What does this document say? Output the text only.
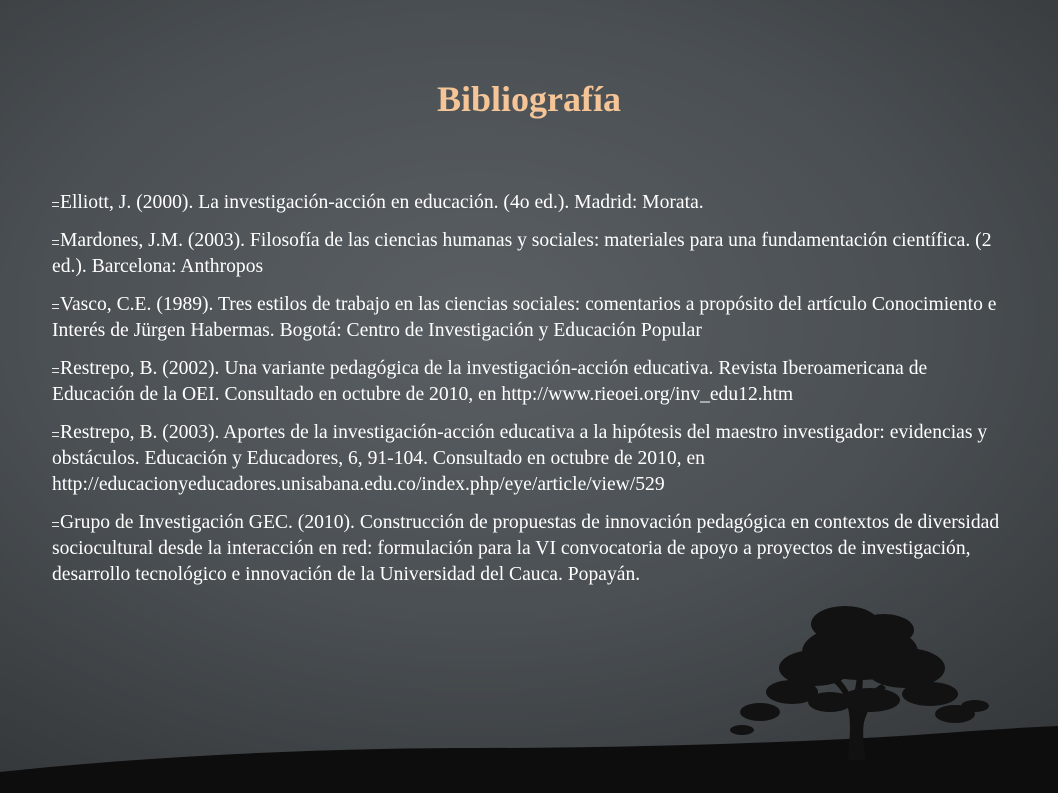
Bibliografía
Elliott, J. (2000). La investigación-acción en educación. (4o ed.). Madrid: Morata.
Mardones, J.M. (2003). Filosofía de las ciencias humanas y sociales: materiales para una fundamentación científica. (2 ed.). Barcelona: Anthropos
Vasco, C.E. (1989). Tres estilos de trabajo en las ciencias sociales: comentarios a propósito del artículo Conocimiento e Interés de Jürgen Habermas. Bogotá: Centro de Investigación y Educación Popular
Restrepo, B. (2002). Una variante pedagógica de la investigación-acción educativa. Revista Iberoamericana de Educación de la OEI. Consultado en octubre de 2010, en http://www.rieoei.org/inv_edu12.htm
Restrepo, B. (2003). Aportes de la investigación-acción educativa a la hipótesis del maestro investigador: evidencias y obstáculos. Educación y Educadores, 6, 91-104. Consultado en octubre de 2010, en http://educacionyeducadores.unisabana.edu.co/index.php/eye/article/view/529
Grupo de Investigación GEC. (2010). Construcción de propuestas de innovación pedagógica en contextos de diversidad sociocultural desde la interacción en red: formulación para la VI convocatoria de apoyo a proyectos de investigación, desarrollo tecnológico e innovación de la Universidad del Cauca. Popayán.
